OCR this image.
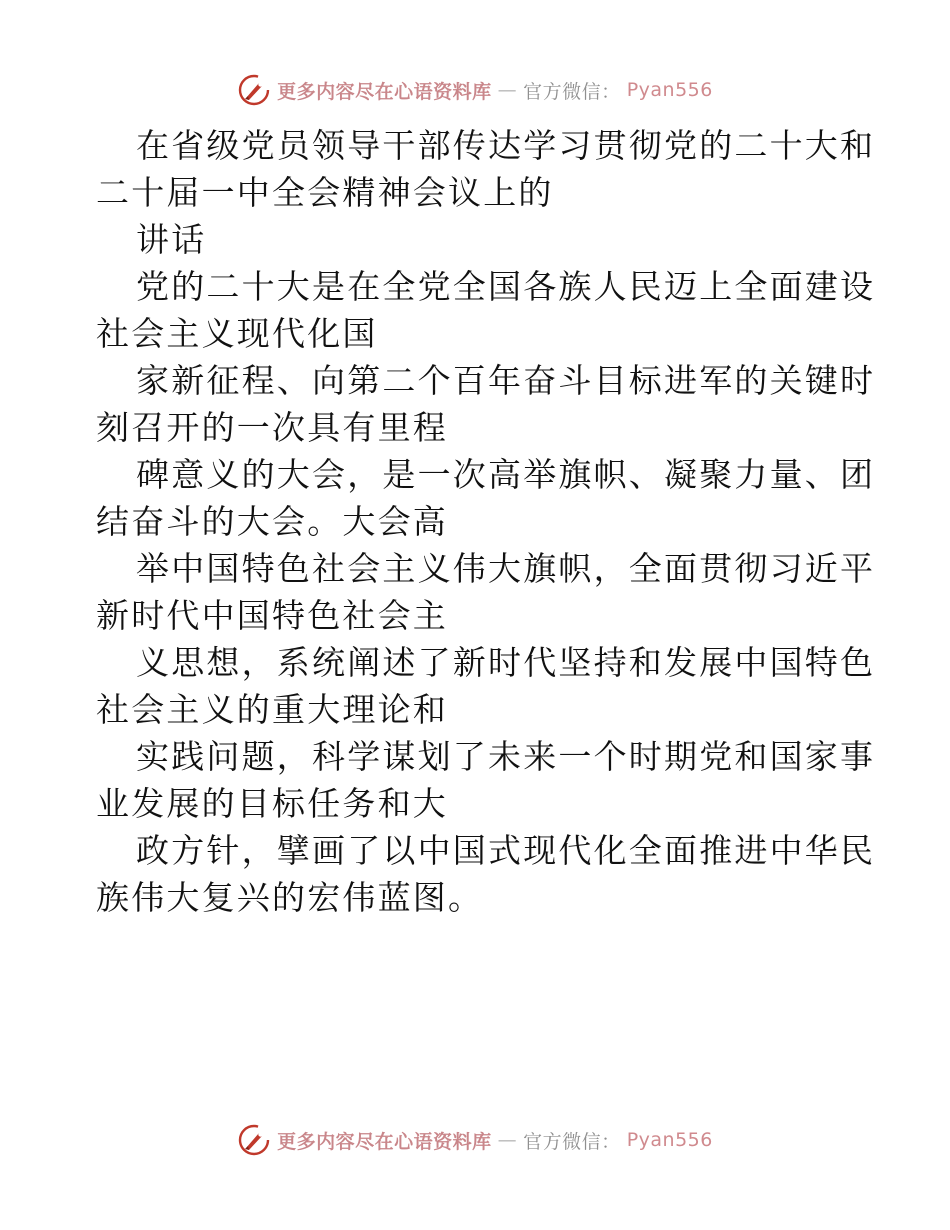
更多内容尽在心语资料库 — 官方微信： Pyan556
在省级党员领导干部传达学习贯彻党的二十大和
二十届一中全会精神会议上的
讲话
党的二十大是在全党全国各族人民迈上全面建设
社会主义现代化国
家新征程、向第二个百年奋斗目标进军的关键时
刻召开的一次具有里程
碑意义的大会，是一次高举旗帜、凝聚力量、团
结奋斗的大会。大会高
举中国特色社会主义伟大旗帜，全面贯彻习近平
新时代中国特色社会主
义思想，系统阐述了新时代坚持和发展中国特色
社会主义的重大理论和
实践问题，科学谋划了未来一个时期党和国家事
业发展的目标任务和大
政方针，擘画了以中国式现代化全面推进中华民
族伟大复兴的宏伟蓝图。
更多内容尽在心语资料库 — 官方微信： Pyan556
